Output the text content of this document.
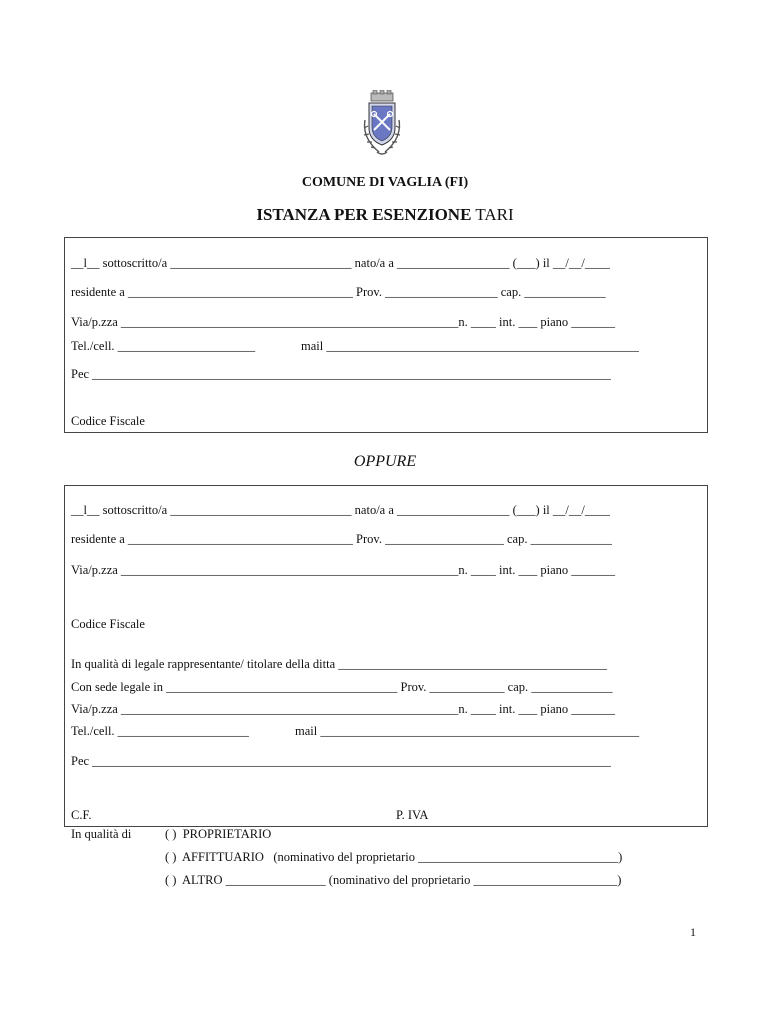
COMUNE DI VAGLIA (FI)
ISTANZA PER ESENZIONE TARI
__l__ sottoscritto/a _____________________________ nato/a a __________________ (___) il __/__/____
residente a ____________________________________ Prov. __________________ cap. _____________
Via/p.zza ______________________________________________________n. ____ int. ___ piano _______
Tel./cell. ______________________	mail __________________________________________________
Pec ___________________________________________________________________________________
Codice Fiscale
OPPURE
__l__ sottoscritto/a _____________________________ nato/a a __________________ (___) il __/__/____
residente a ____________________________________ Prov. ___________________ cap. _____________
Via/p.zza ______________________________________________________n. ____ int. ___ piano _______
Codice Fiscale
In qualità di legale rappresentante/ titolare della ditta ___________________________________________
Con sede legale in _____________________________________ Prov. ____________ cap. _____________
Via/p.zza ______________________________________________________n. ____ int. ___ piano _______
Tel./cell. _____________________	mail ___________________________________________________
Pec ___________________________________________________________________________________
C.F.	P. IVA
In qualità di	( )  PROPRIETARIO
( )  AFFITTUARIO   (nominativo del proprietario ________________________________)
( )  ALTRO ________________ (nominativo del proprietario _______________________)
1
